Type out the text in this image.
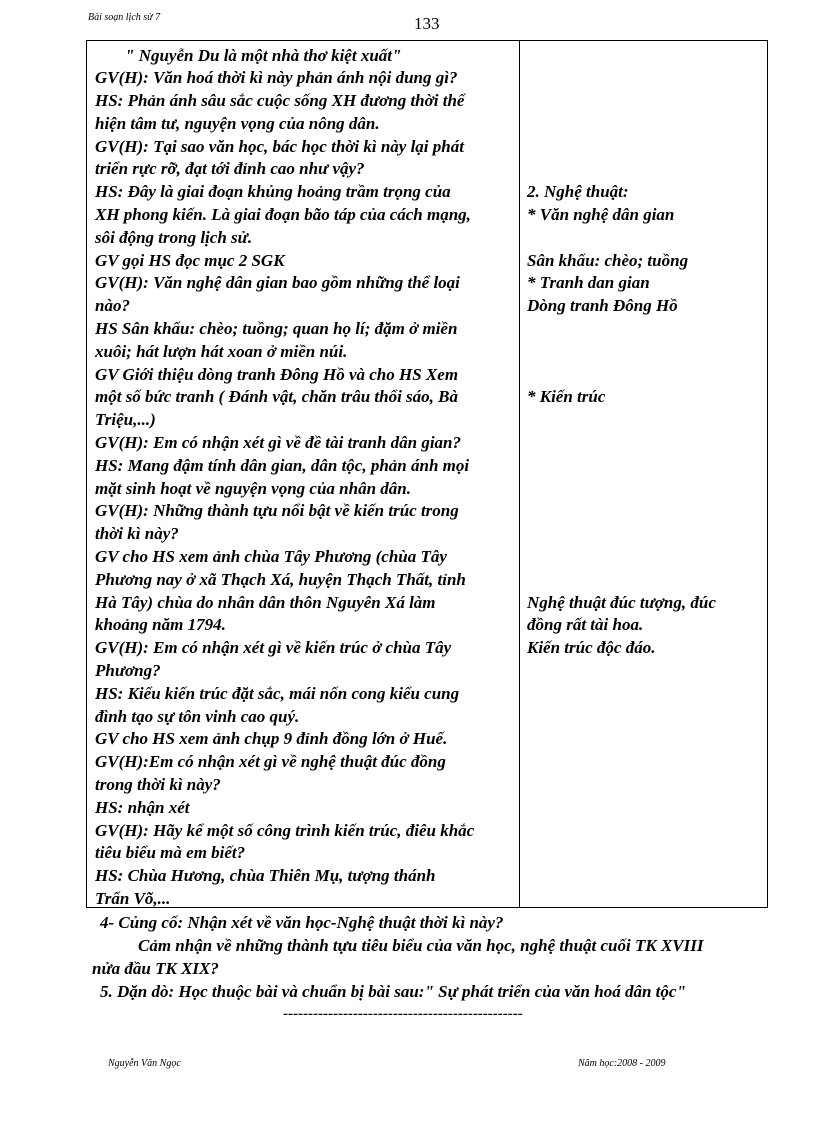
Bài soạn lịch sử 7	133
" Nguyễn Du là một nhà thơ kiệt xuất"
GV(H): Văn hoá thời kì này phản ánh nội dung gì?
HS: Phản ánh sâu sắc cuộc sống XH đương thời thể
hiện tâm tư, nguyện vọng của nông dân.
GV(H): Tại sao văn học, bác học thời kì này lại phát
triển rực rỡ, đạt tới đỉnh cao như vậy?
HS: Đây là giai đoạn khủng hoảng trầm trọng của
XH phong kiến. Là giai đoạn bão táp của cách mạng,
sôi động trong lịch sử.
GV gọi HS đọc mục 2 SGK
GV(H): Văn nghệ dân gian bao gồm những thể loại
nào?
HS Sân khấu: chèo; tuồng; quan họ lí; đặm ở miền
xuôi; hát lượn hát xoan ở miền núi.
GV Giới thiệu dòng tranh Đông Hồ và cho HS Xem
một số bức tranh ( Đánh vật, chăn trâu thổi sáo, Bà
Triệu,...)
GV(H): Em có nhận xét gì về đề tài tranh dân gian?
HS: Mang đậm tính dân gian, dân tộc, phản ánh mọi
mặt sinh hoạt về nguyện vọng của nhân dân.
GV(H): Những thành tựu nổi bật về kiến trúc trong
thời kì này?
GV cho HS xem ảnh chùa Tây Phương (chùa Tây
Phương nay ở xã Thạch Xá, huyện Thạch Thất, tỉnh
Hà Tây) chùa do nhân dân thôn Nguyên Xá làm
khoảng năm 1794.
GV(H): Em có nhận xét gì về kiến trúc ở chùa Tây
Phương?
HS: Kiểu kiến trúc đặt sắc, mái nốn cong kiểu cung
đình tạo sự tôn vinh cao quý.
GV cho HS xem ảnh chụp 9 đỉnh đồng lớn ở Huế.
GV(H):Em có nhận xét gì về nghệ thuật đúc đồng
trong thời kì này?
HS: nhận xét
GV(H): Hãy kể một số công trình kiến trúc, điêu khắc
tiêu biểu mà em biết?
HS: Chùa Hương, chùa Thiên Mụ, tượng thánh
Trấn Võ,...
2. Nghệ thuật:
* Văn nghệ dân gian
Sân khấu: chèo; tuồng
* Tranh dan gian
Dòng tranh Đông Hồ
* Kiến trúc
Nghệ thuật đúc tượng, đúc
đồng rất tài hoa.
Kiến trúc độc đáo.
4- Củng cố: Nhận xét về văn học-Nghệ thuật thời kì này?
Cảm nhận về những thành tựu tiêu biểu của văn học, nghệ thuật cuối TK XVIII
nửa đầu TK XIX?
5. Dặn dò: Học thuộc bài và chuẩn bị bài sau:" Sự phát triển của văn hoá dân tộc"
------------------------------------------------
Nguyễn Văn Ngọc	Năm học:2008 - 2009
